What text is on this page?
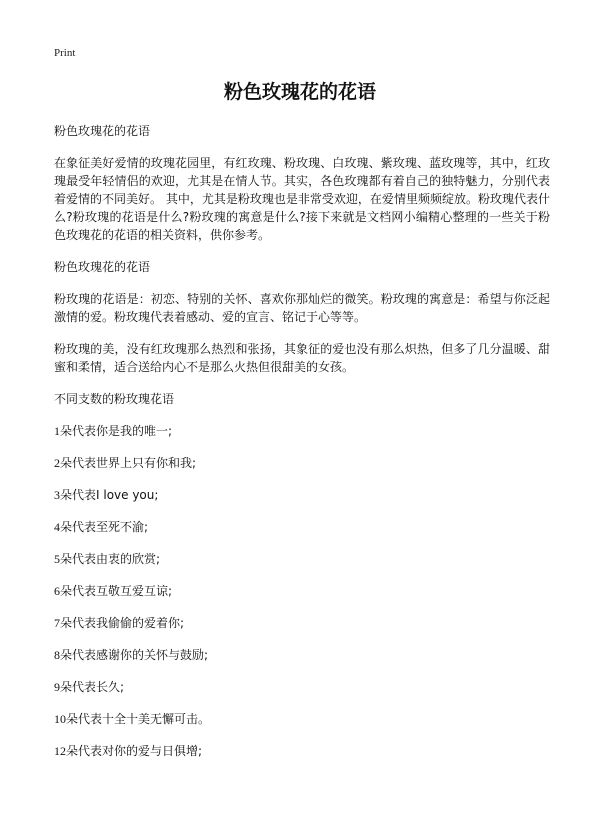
Print
粉色玫瑰花的花语

粉色玫瑰花的花语

在象征美好爱情的玫瑰花园里，有红玫瑰、粉玫瑰、白玫瑰、紫玫瑰、蓝玫瑰等，其中，红玫瑰最受年轻情侣的欢迎，尤其是在情人节。其实，各色玫瑰都有着自己的独特魅力，分别代表着爱情的不同美好。 其中，尤其是粉玫瑰也是非常受欢迎，在爱情里频频绽放。粉玫瑰代表什么?粉玫瑰的花语是什么?粉玫瑰的寓意是什么?接下来就是文档网小编精心整理的一些关于粉色玫瑰花的花语的相关资料，供你参考。

粉色玫瑰花的花语

粉玫瑰的花语是：初恋、特别的关怀、喜欢你那灿烂的微笑。粉玫瑰的寓意是：希望与你泛起激情的爱。粉玫瑰代表着感动、爱的宣言、铭记于心等等。

粉玫瑰的美，没有红玫瑰那么热烈和张扬，其象征的爱也没有那么炽热，但多了几分温暖、甜蜜和柔情，适合送给内心不是那么火热但很甜美的女孩。

不同支数的粉玫瑰花语

1朵代表你是我的唯一;

2朵代表世界上只有你和我;

3朵代表I love you;

4朵代表至死不渝;

5朵代表由衷的欣赏;

6朵代表互敬互爱互谅;

7朵代表我偷偷的爱着你;

8朵代表感谢你的关怀与鼓励;

9朵代表长久;

10朵代表十全十美无懈可击。

12朵代表对你的爱与日俱增;
